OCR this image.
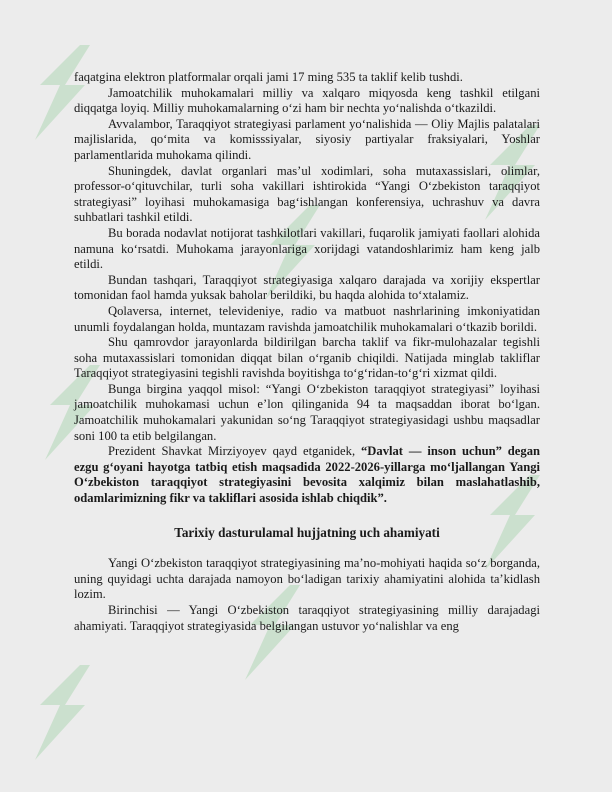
faqatgina elektron platformalar orqali jami 17 ming 535 ta taklif kelib tushdi.

Jamoatchilik muhokamalari milliy va xalqaro miqyosda keng tashkil etilgani diqqatga loyiq. Milliy muhokamalarning o‘zi ham bir nechta yo‘nalishda o‘tkazildi.

Avvalambor, Taraqqiyot strategiyasi parlament yo‘nalishida — Oliy Majlis palatalari majlislarida, qo‘mita va komisssiyalar, siyosiy partiyalar fraksiyalari, Yoshlar parlamentlarida muhokama qilindi.

Shuningdek, davlat organlari mas’ul xodimlari, soha mutaxassislari, olimlar, professor-o‘qituvchilar, turli soha vakillari ishtirokida “Yangi O‘zbekiston taraqqiyot strategiyasi” loyihasi muhokamasiga bag‘ishlangan konferensiya, uchrashuv va davra suhbatlari tashkil etildi.

Bu borada nodavlat notijorat tashkilotlari vakillari, fuqarolik jamiyati faollari alohida namuna ko‘rsatdi. Muhokama jarayonlariga xorijdagi vatandoshlarimiz ham keng jalb etildi.

Bundan tashqari, Taraqqiyot strategiyasiga xalqaro darajada va xorijiy ekspertlar tomonidan faol hamda yuksak baholar berildiki, bu haqda alohida to‘xtalamiz.

Qolaversa, internet, televideniye, radio va matbuot nashrlarining imkoniyatidan unumli foydalangan holda, muntazam ravishda jamoatchilik muhokamalari o‘tkazib borildi.

Shu qamrovdor jarayonlarda bildirilgan barcha taklif va fikr-mulohazalar tegishli soha mutaxassislari tomonidan diqqat bilan o‘rganib chiqildi. Natijada minglab takliflar Taraqqiyot strategiyasini tegishli ravishda boyitishga to‘g‘ridan-to‘g‘ri xizmat qildi.

Bunga birgina yaqqol misol: “Yangi O‘zbekiston taraqqiyot strategiyasi” loyihasi jamoatchilik muhokamasi uchun e’lon qilinganida 94 ta maqsaddan iborat bo‘lgan. Jamoatchilik muhokamalari yakunidan so‘ng Taraqqiyot strategiyasidagi ushbu maqsadlar soni 100 ta etib belgilangan.

Prezident Shavkat Mirziyoyev qayd etganidek, “Davlat — inson uchun” degan ezgu g‘oyani hayotga tatbiq etish maqsadida 2022-2026-yillarga mo‘ljallangan Yangi O‘zbekiston taraqqiyot strategiyasini bevosita xalqimiz bilan maslahatlashib, odamlarimizning fikr va takliflari asosida ishlab chiqdik”.

Tarixiy dasturulamal hujjatning uch ahamiyati

Yangi O‘zbekiston taraqqiyot strategiyasining ma’no-mohiyati haqida so‘z borganda, uning quyidagi uchta darajada namoyon bo‘ladigan tarixiy ahamiyatini alohida ta’kidlash lozim.

Birinchisi — Yangi O‘zbekiston taraqqiyot strategiyasining milliy darajadagi ahamiyati. Taraqqiyot strategiyasida belgilangan ustuvor yo‘nalishlar va eng
